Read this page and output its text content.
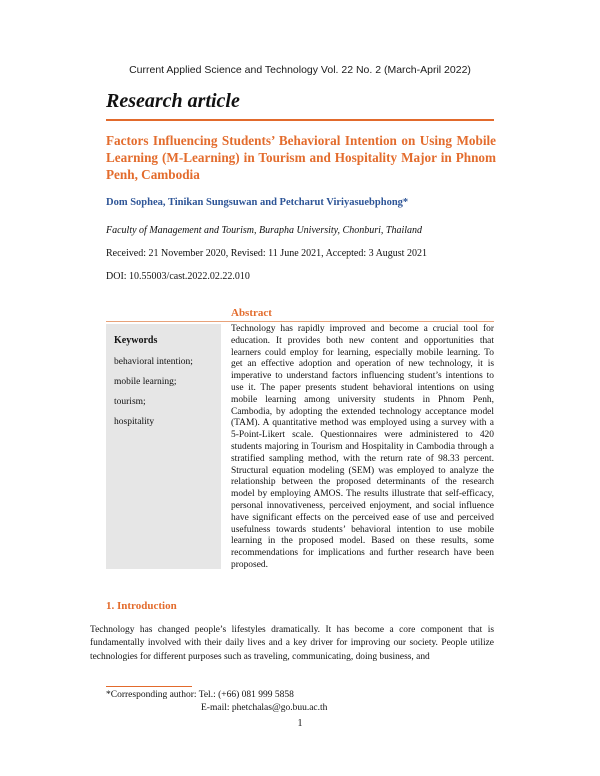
Current Applied Science and Technology Vol. 22 No. 2 (March-April 2022)
Research article
Factors Influencing Students’ Behavioral Intention on Using Mobile Learning (M-Learning) in Tourism and Hospitality Major in Phnom Penh, Cambodia
Dom Sophea, Tinikan Sungsuwan and Petcharut Viriyasuebphong*
Faculty of Management and Tourism, Burapha University, Chonburi, Thailand
Received: 21 November 2020, Revised: 11 June 2021, Accepted: 3 August 2021
DOI: 10.55003/cast.2022.02.22.010
Abstract
Keywords
behavioral intention;
mobile learning;
tourism;
hospitality
Technology has rapidly improved and become a crucial tool for education. It provides both new content and opportunities that learners could employ for learning, especially mobile learning. To get an effective adoption and operation of new technology, it is imperative to understand factors influencing student’s intentions to use it. The paper presents student behavioral intentions on using mobile learning among university students in Phnom Penh, Cambodia, by adopting the extended technology acceptance model (TAM). A quantitative method was employed using a survey with a 5-Point-Likert scale. Questionnaires were administered to 420 students majoring in Tourism and Hospitality in Cambodia through a stratified sampling method, with the return rate of 98.33 percent. Structural equation modeling (SEM) was employed to analyze the relationship between the proposed determinants of the research model by employing AMOS. The results illustrate that self-efficacy, personal innovativeness, perceived enjoyment, and social influence have significant effects on the perceived ease of use and perceived usefulness towards students’ behavioral intention to use mobile learning in the proposed model. Based on these results, some recommendations for implications and further research have been proposed.
1. Introduction
Technology has changed people’s lifestyles dramatically. It has become a core component that is fundamentally involved with their daily lives and a key driver for improving our society. People utilize technologies for different purposes such as traveling, communicating, doing business, and
*Corresponding author: Tel.: (+66) 081 999 5858
E-mail: phetchalas@go.buu.ac.th
1
